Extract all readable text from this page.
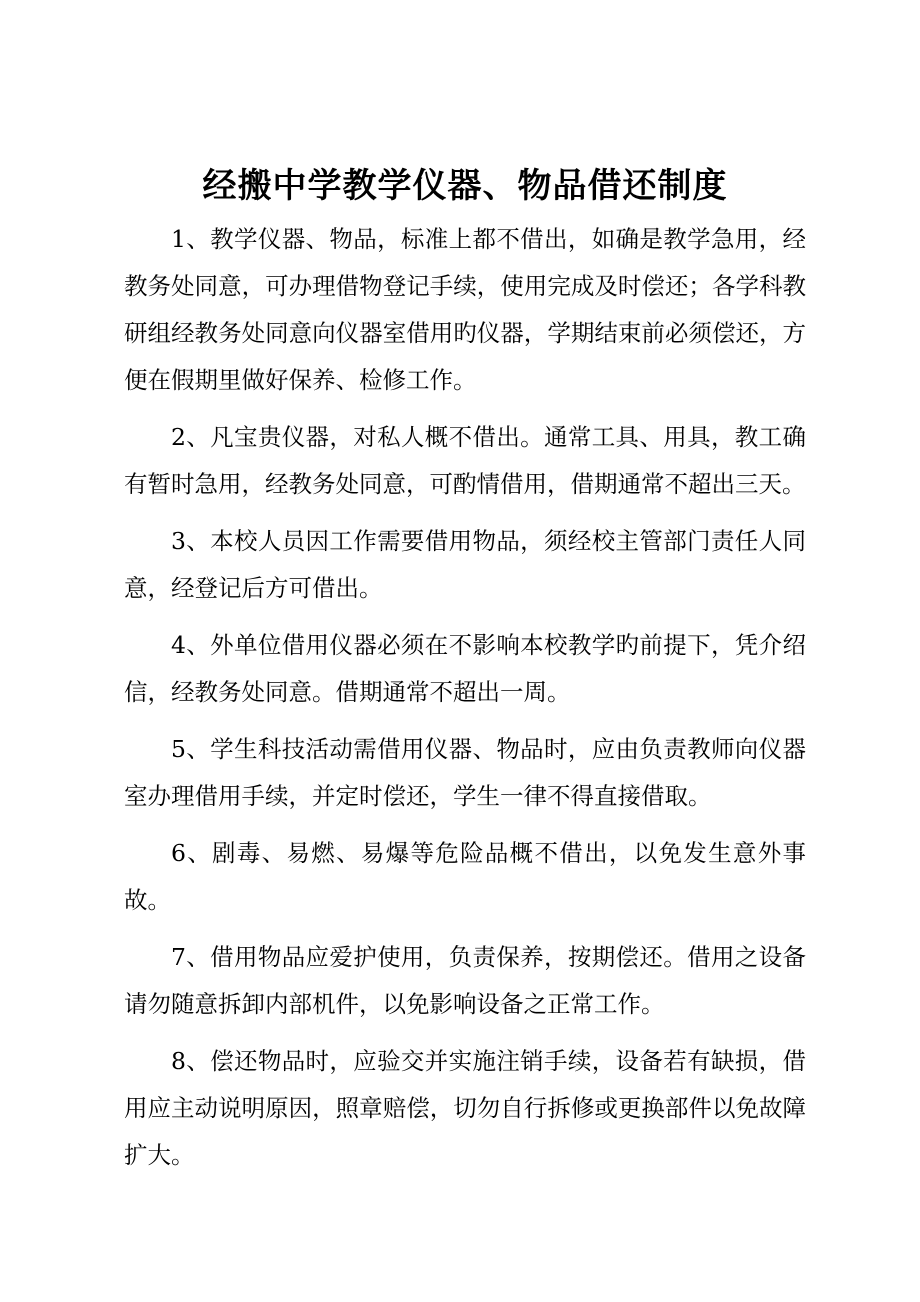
经搬中学教学仪器、物品借还制度

1、教学仪器、物品，标准上都不借出，如确是教学急用，经教务处同意，可办理借物登记手续，使用完成及时偿还；各学科教研组经教务处同意向仪器室借用旳仪器，学期结束前必须偿还，方便在假期里做好保养、检修工作。

2、凡宝贵仪器，对私人概不借出。通常工具、用具，教工确有暂时急用，经教务处同意，可酌情借用，借期通常不超出三天。

3、本校人员因工作需要借用物品，须经校主管部门责任人同意，经登记后方可借出。

4、外单位借用仪器必须在不影响本校教学旳前提下，凭介绍信，经教务处同意。借期通常不超出一周。

5、学生科技活动需借用仪器、物品时，应由负责教师向仪器室办理借用手续，并定时偿还，学生一律不得直接借取。

6、剧毒、易燃、易爆等危险品概不借出，以免发生意外事故。

7、借用物品应爱护使用，负责保养，按期偿还。借用之设备请勿随意拆卸内部机件，以免影响设备之正常工作。

8、偿还物品时，应验交并实施注销手续，设备若有缺损，借用应主动说明原因，照章赔偿，切勿自行拆修或更换部件以免故障扩大。
